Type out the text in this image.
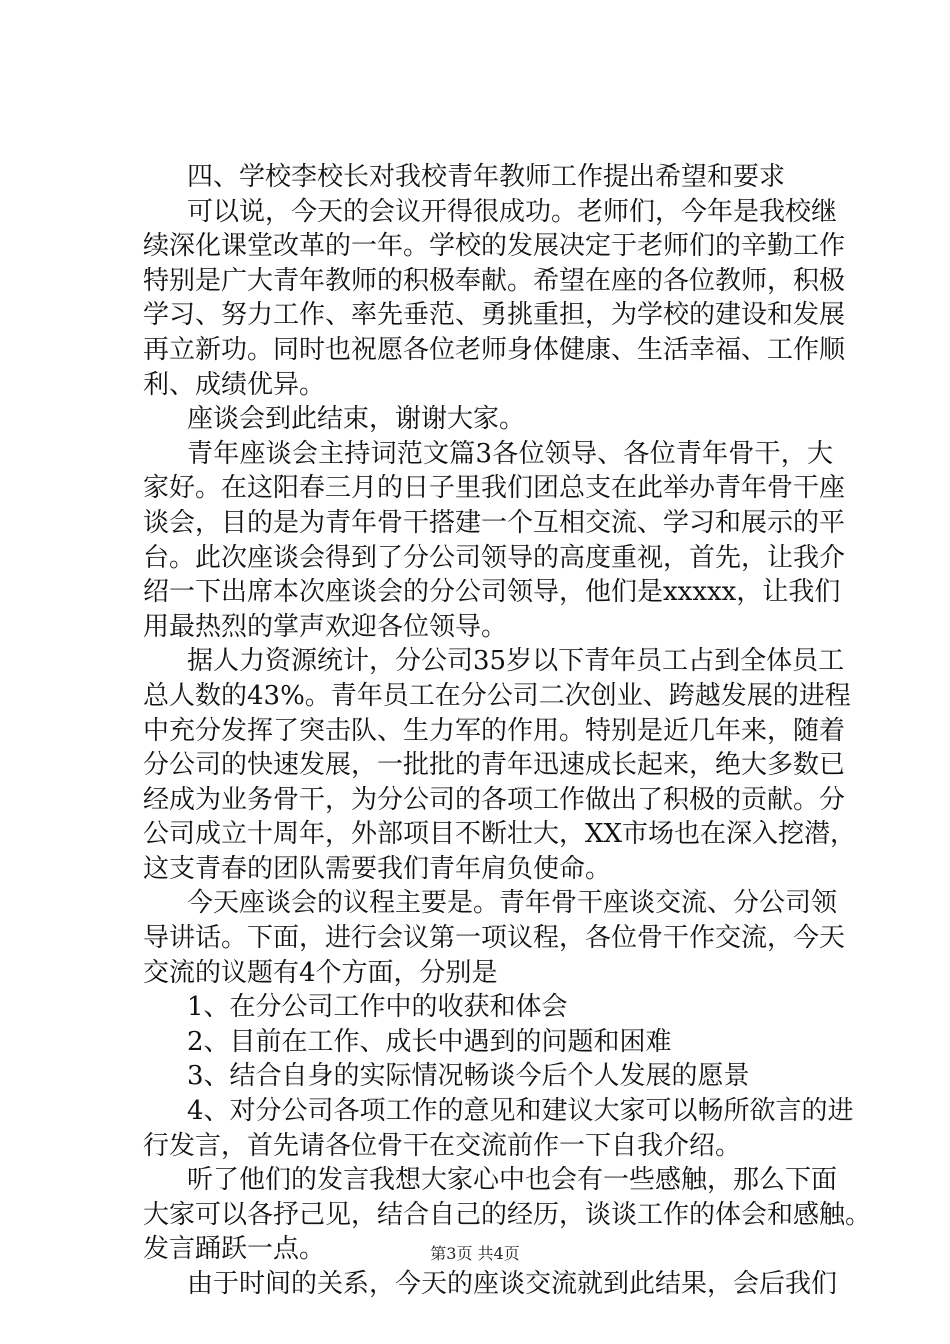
四、学校李校长对我校青年教师工作提出希望和要求
可以说，今天的会议开得很成功。老师们，今年是我校继
续深化课堂改革的一年。学校的发展决定于老师们的辛勤工作
特别是广大青年教师的积极奉献。希望在座的各位教师，积极
学习、努力工作、率先垂范、勇挑重担，为学校的建设和发展
再立新功。同时也祝愿各位老师身体健康、生活幸福、工作顺
利、成绩优异。
座谈会到此结束，谢谢大家。
青年座谈会主持词范文篇3各位领导、各位青年骨干，大
家好。在这阳春三月的日子里我们团总支在此举办青年骨干座
谈会，目的是为青年骨干搭建一个互相交流、学习和展示的平
台。此次座谈会得到了分公司领导的高度重视，首先，让我介
绍一下出席本次座谈会的分公司领导，他们是xxxxx，让我们
用最热烈的掌声欢迎各位领导。
据人力资源统计，分公司35岁以下青年员工占到全体员工
总人数的43%。青年员工在分公司二次创业、跨越发展的进程
中充分发挥了突击队、生力军的作用。特别是近几年来，随着
分公司的快速发展，一批批的青年迅速成长起来，绝大多数已
经成为业务骨干，为分公司的各项工作做出了积极的贡献。分
公司成立十周年，外部项目不断壮大，XX市场也在深入挖潜，
这支青春的团队需要我们青年肩负使命。
今天座谈会的议程主要是。青年骨干座谈交流、分公司领
导讲话。下面，进行会议第一项议程，各位骨干作交流，今天
交流的议题有4个方面，分别是
1、在分公司工作中的收获和体会
2、目前在工作、成长中遇到的问题和困难
3、结合自身的实际情况畅谈今后个人发展的愿景
4、对分公司各项工作的意见和建议大家可以畅所欲言的进
行发言，首先请各位骨干在交流前作一下自我介绍。
听了他们的发言我想大家心中也会有一些感触，那么下面
大家可以各抒己见，结合自己的经历，谈谈工作的体会和感触。
发言踊跃一点。
由于时间的关系，今天的座谈交流就到此结果，会后我们
第3页 共4页
